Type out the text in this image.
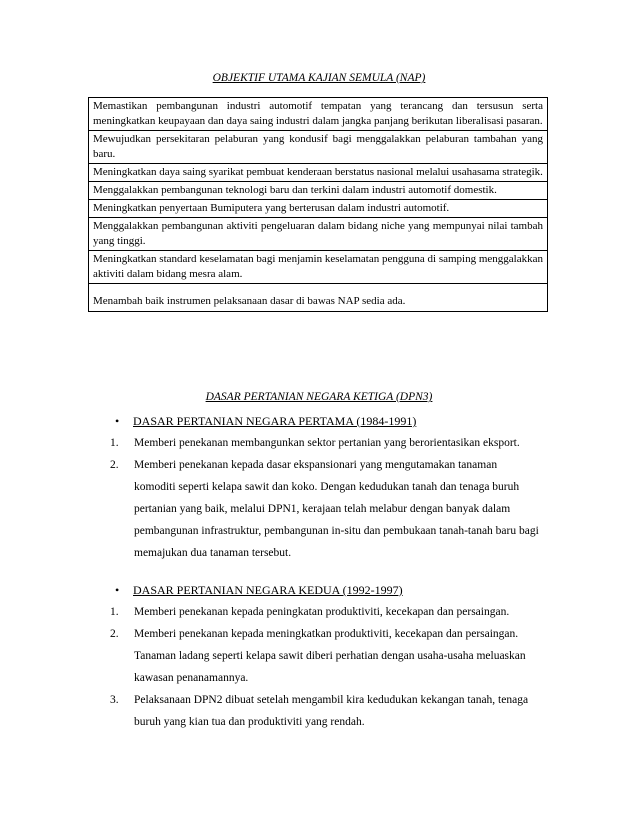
OBJEKTIF UTAMA KAJIAN SEMULA (NAP)
Memastikan pembangunan industri automotif tempatan yang terancang dan tersusun serta meningkatkan keupayaan dan daya saing industri dalam jangka panjang berikutan liberalisasi pasaran.
Mewujudkan persekitaran pelaburan yang kondusif bagi menggalakkan pelaburan tambahan yang baru.
Meningkatkan daya saing syarikat pembuat kenderaan berstatus nasional melalui usahasama strategik.
Menggalakkan pembangunan teknologi baru dan terkini dalam industri automotif domestik.
Meningkatkan penyertaan Bumiputera yang berterusan dalam industri automotif.
Menggalakkan pembangunan aktiviti pengeluaran dalam bidang niche yang mempunyai nilai tambah yang tinggi.
Meningkatkan standard keselamatan bagi menjamin keselamatan pengguna di samping menggalakkan aktiviti dalam bidang mesra alam.
Menambah baik instrumen pelaksanaan dasar di bawas NAP sedia ada.
DASAR PERTANIAN NEGARA KETIGA (DPN3)
• DASAR PERTANIAN NEGARA PERTAMA (1984-1991)
1. Memberi penekanan membangunkan sektor pertanian yang berorientasikan eksport.
2. Memberi penekanan kepada dasar ekspansionari yang mengutamakan tanaman komoditi seperti kelapa sawit dan koko. Dengan kedudukan tanah dan tenaga buruh pertanian yang baik, melalui DPN1, kerajaan telah melabur dengan banyak dalam pembangunan infrastruktur, pembangunan in-situ dan pembukaan tanah-tanah baru bagi memajukan dua tanaman tersebut.
• DASAR PERTANIAN NEGARA KEDUA (1992-1997)
1. Memberi penekanan kepada peningkatan produktiviti, kecekapan dan persaingan.
2. Memberi penekanan kepada meningkatkan produktiviti, kecekapan dan persaingan. Tanaman ladang seperti kelapa sawit diberi perhatian dengan usaha-usaha meluaskan kawasan penanamannya.
3. Pelaksanaan DPN2 dibuat setelah mengambil kira kedudukan kekangan tanah, tenaga buruh yang kian tua dan produktiviti yang rendah.
